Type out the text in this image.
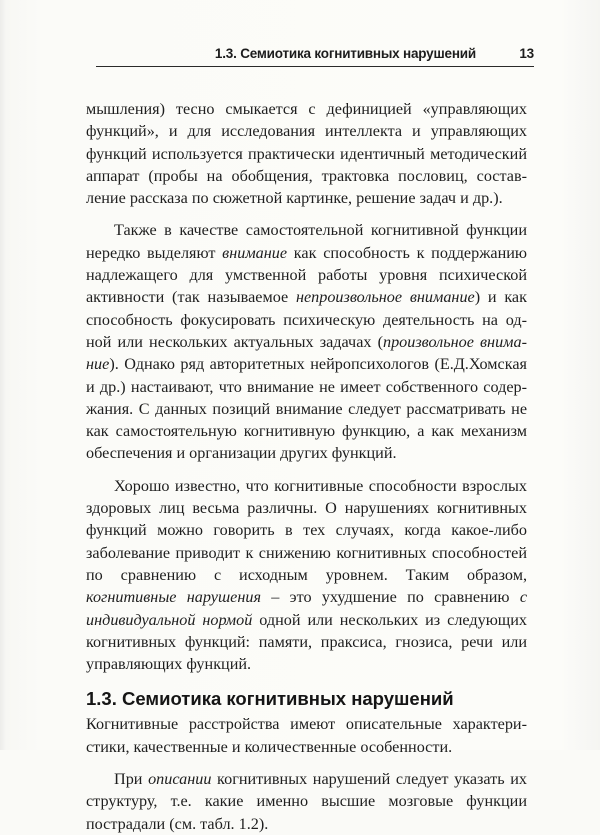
1.3. Семиотика когнитивных нарушений	13

мышления) тесно смыкается с дефиницией «управляющих функций», и для исследования интеллекта и управляющих функций используется практически идентичный методический аппарат (пробы на обобщения, трактовка пословиц, составление рассказа по сюжетной картинке, решение задач и др.).

Также в качестве самостоятельной когнитивной функции нередко выделяют внимание как способность к поддержанию надлежащего для умственной работы уровня психической активности (так называемое непроизвольное внимание) и как способность фокусировать психическую деятельность на одной или нескольких актуальных задачах (произвольное внимание). Однако ряд авторитетных нейропсихологов (Е.Д.Хомская и др.) настаивают, что внимание не имеет собственного содержания. С данных позиций внимание следует рассматривать не как самостоятельную когнитивную функцию, а как механизм обеспечения и организации других функций.

Хорошо известно, что когнитивные способности взрослых здоровых лиц весьма различны. О нарушениях когнитивных функций можно говорить в тех случаях, когда какое-либо заболевание приводит к снижению когнитивных способностей по сравнению с исходным уровнем. Таким образом, когнитивные нарушения – это ухудшение по сравнению с индивидуальной нормой одной или нескольких из следующих когнитивных функций: памяти, праксиса, гнозиса, речи или управляющих функций.

1.3. Семиотика когнитивных нарушений

Когнитивные расстройства имеют описательные характеристики, качественные и количественные особенности.

При описании когнитивных нарушений следует указать их структуру, т.е. какие именно высшие мозговые функции пострадали (см. табл. 1.2).
